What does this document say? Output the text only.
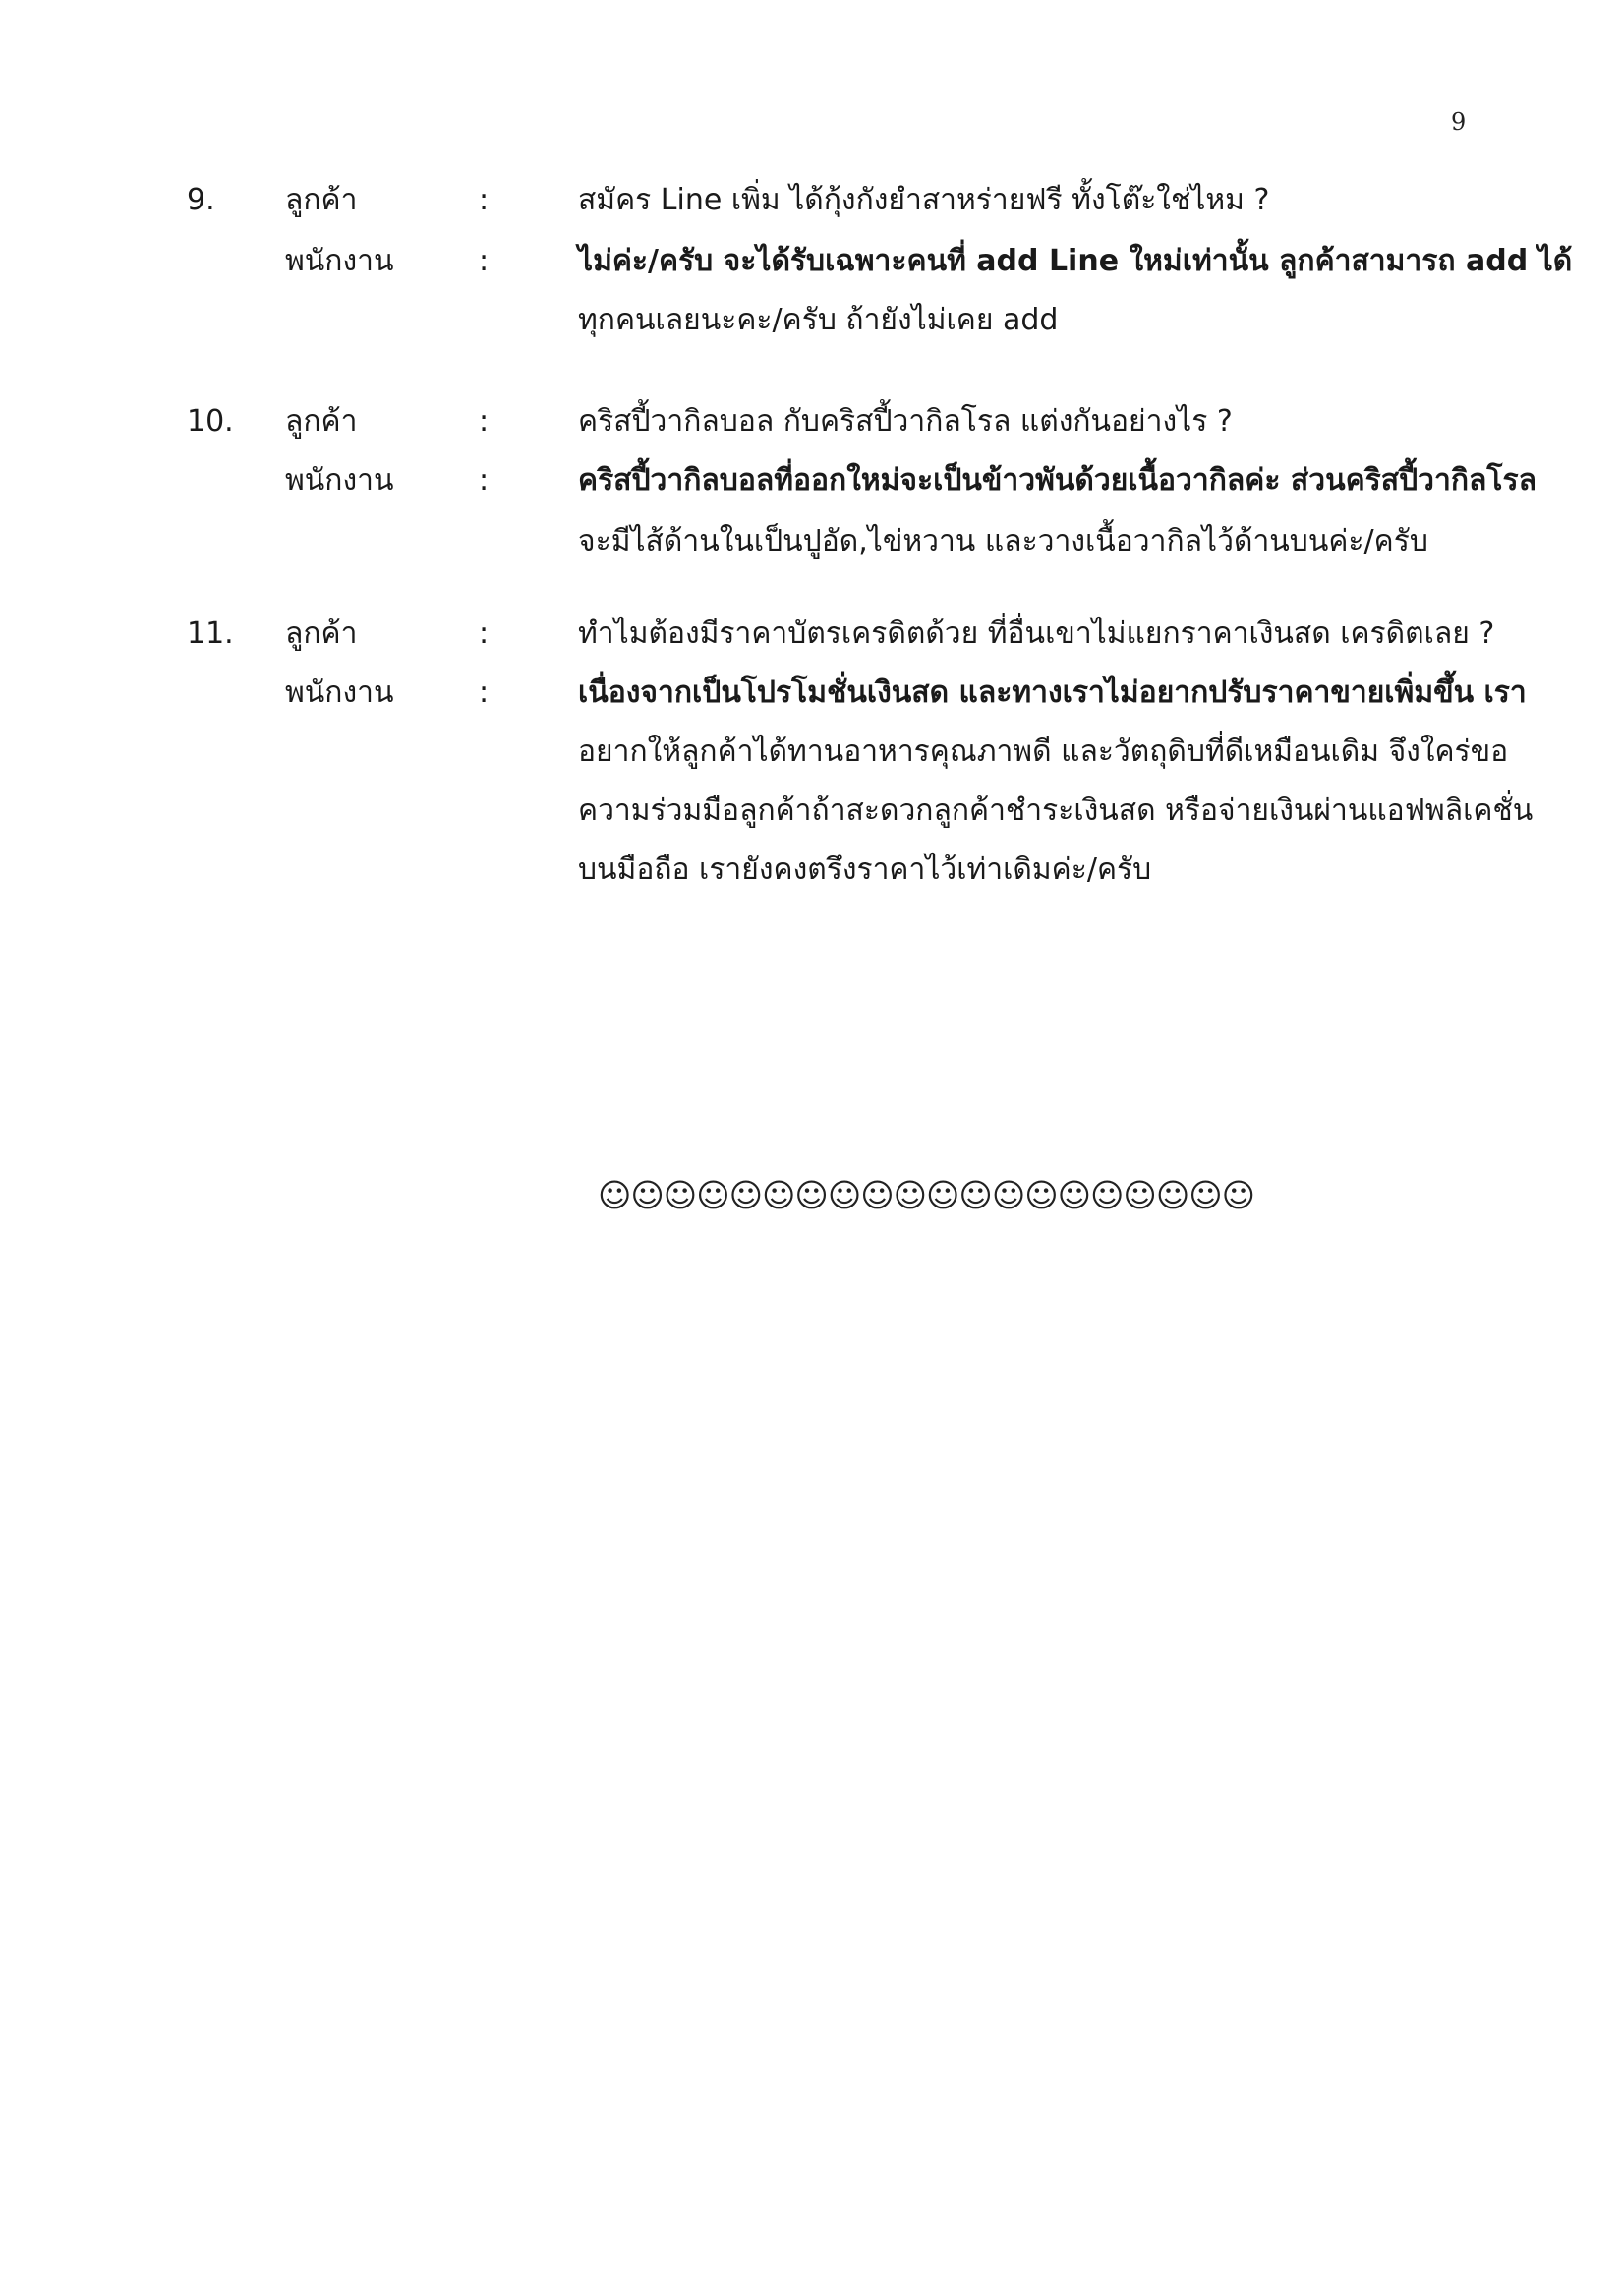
9
9. ลูกค้า	:	สมัคร Line เพิ่ม ได้กุ้งกังยำสาหร่ายฟรี ทั้งโต๊ะใช่ไหม ?
พนักงาน	:	ไม่ค่ะ/ครับ จะได้รับเฉพาะคนที่ add Line ใหม่เท่านั้น ลูกค้าสามารถ add ได้
ทุกคนเลยนะคะ/ครับ ถ้ายังไม่เคย add
10. ลูกค้า	:	คริสปี้วากิลบอล กับคริสปี้วากิลโรล แต่งกันอย่างไร ?
พนักงาน	:	คริสปี้วากิลบอลที่ออกใหม่จะเป็นข้าวพันด้วยเนื้อวากิลค่ะ ส่วนคริสปี้วากิลโรล
จะมีไส้ด้านในเป็นปูอัด,ไข่หวาน และวางเนื้อวากิลไว้ด้านบนค่ะ/ครับ
11. ลูกค้า	:	ทำไมต้องมีราคาบัตรเครดิตด้วย ที่อื่นเขาไม่แยกราคาเงินสด เครดิตเลย ?
พนักงาน	:	เนื่องจากเป็นโปรโมชั่นเงินสด และทางเราไม่อยากปรับราคาขายเพิ่มขึ้น เรา
อยากให้ลูกค้าได้ทานอาหารคุณภาพดี และวัตถุดิบที่ดีเหมือนเดิม จึงใคร่ขอ
ความร่วมมือลูกค้าถ้าสะดวกลูกค้าชำระเงินสด หรือจ่ายเงินผ่านแอฟพลิเคชั่น
บนมือถือ เรายังคงตรึงราคาไว้เท่าเดิมค่ะ/ครับ
☺☺☺☺☺☺☺☺☺☺☺☺☺☺☺☺☺☺☺☺
